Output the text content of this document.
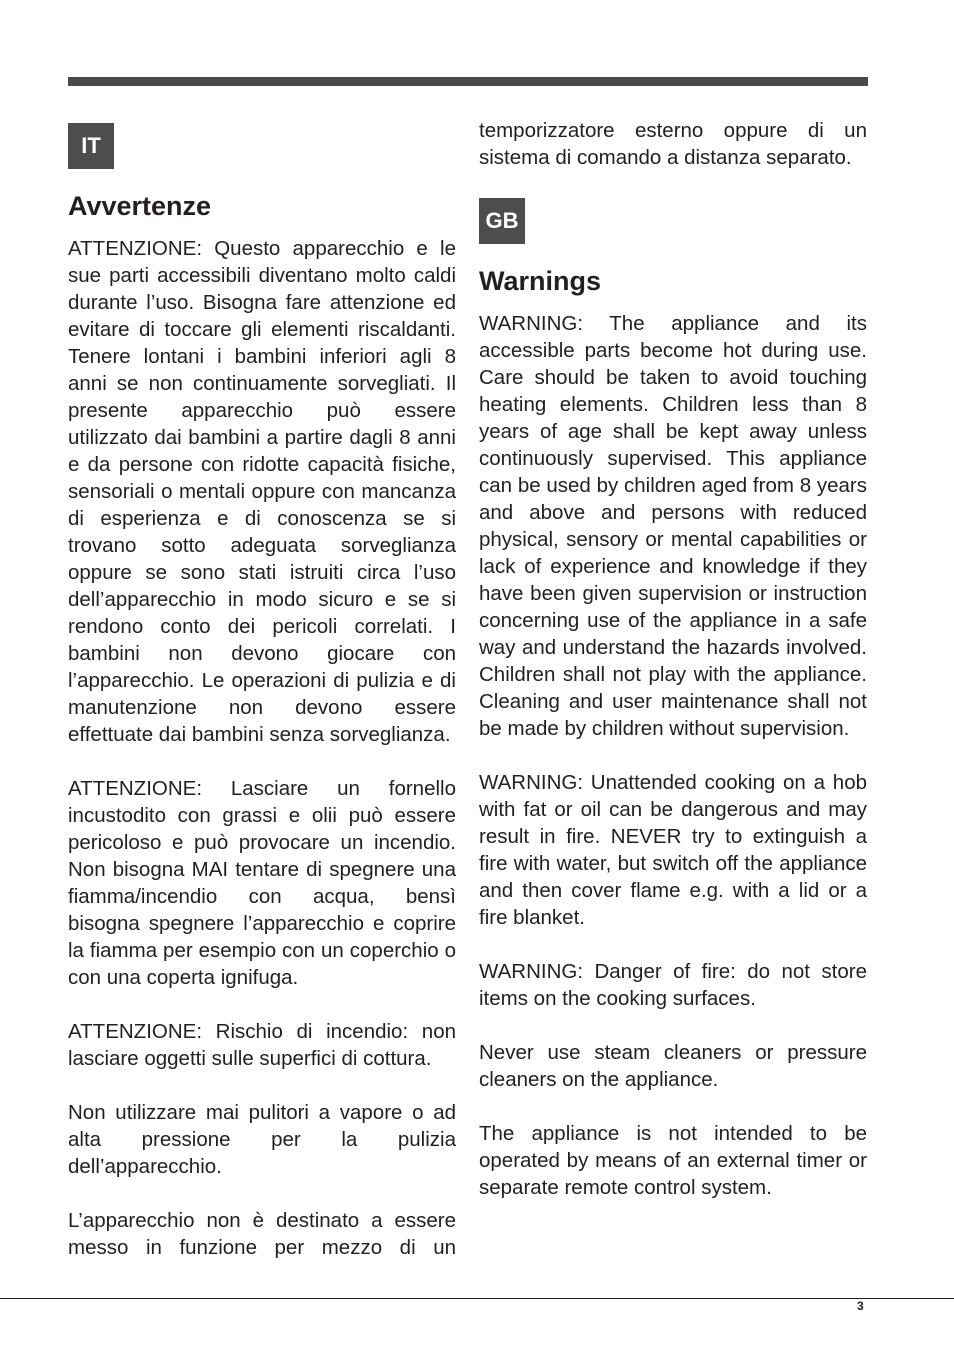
IT
Avvertenze

ATTENZIONE: Questo apparecchio e le sue parti accessibili diventano molto caldi durante l’uso. Bisogna fare attenzione ed evitare di toccare gli elementi riscaldanti. Tenere lontani i bambini inferiori agli 8 anni se non continuamente sorvegliati. Il presente apparecchio può essere utilizzato dai bambini a partire dagli 8 anni e da persone con ridotte capacità fisiche, sensoriali o mentali oppure con mancanza di esperienza e di conoscenza se si trovano sotto adeguata sorveglianza oppure se sono stati istruiti circa l’uso dell’apparecchio in modo sicuro e se si rendono conto dei pericoli correlati. I bambini non devono giocare con l’apparecchio. Le operazioni di pulizia e di manutenzione non devono essere effettuate dai bambini senza sorveglianza.

ATTENZIONE: Lasciare un fornello incustodito con grassi e olii può essere pericoloso e può provocare un incendio. Non bisogna MAI tentare di spegnere una fiamma/incendio con acqua, bensì bisogna spegnere l’apparecchio e coprire la fiamma per esempio con un coperchio o con una coperta ignifuga.

ATTENZIONE: Rischio di incendio: non lasciare oggetti sulle superfici di cottura.

Non utilizzare mai pulitori a vapore o ad alta pressione per la pulizia dell’apparecchio.

L’apparecchio non è destinato a essere messo in funzione per mezzo di un

temporizzatore esterno oppure di un sistema di comando a distanza separato.

GB
Warnings

WARNING: The appliance and its accessible parts become hot during use. Care should be taken to avoid touching heating elements. Children less than 8 years of age shall be kept away unless continuously supervised. This appliance can be used by children aged from 8 years and above and persons with reduced physical, sensory or mental capabilities or lack of experience and knowledge if they have been given supervision or instruction concerning use of the appliance in a safe way and understand the hazards involved. Children shall not play with the appliance. Cleaning and user maintenance shall not be made by children without supervision.

WARNING: Unattended cooking on a hob with fat or oil can be dangerous and may result in fire. NEVER try to extinguish a fire with water, but switch off the appliance and then cover flame e.g. with a lid or a fire blanket.

WARNING: Danger of fire: do not store items on the cooking surfaces.

Never use steam cleaners or pressure cleaners on the appliance.

The appliance is not intended to be operated by means of an external timer or separate remote control system.

3
